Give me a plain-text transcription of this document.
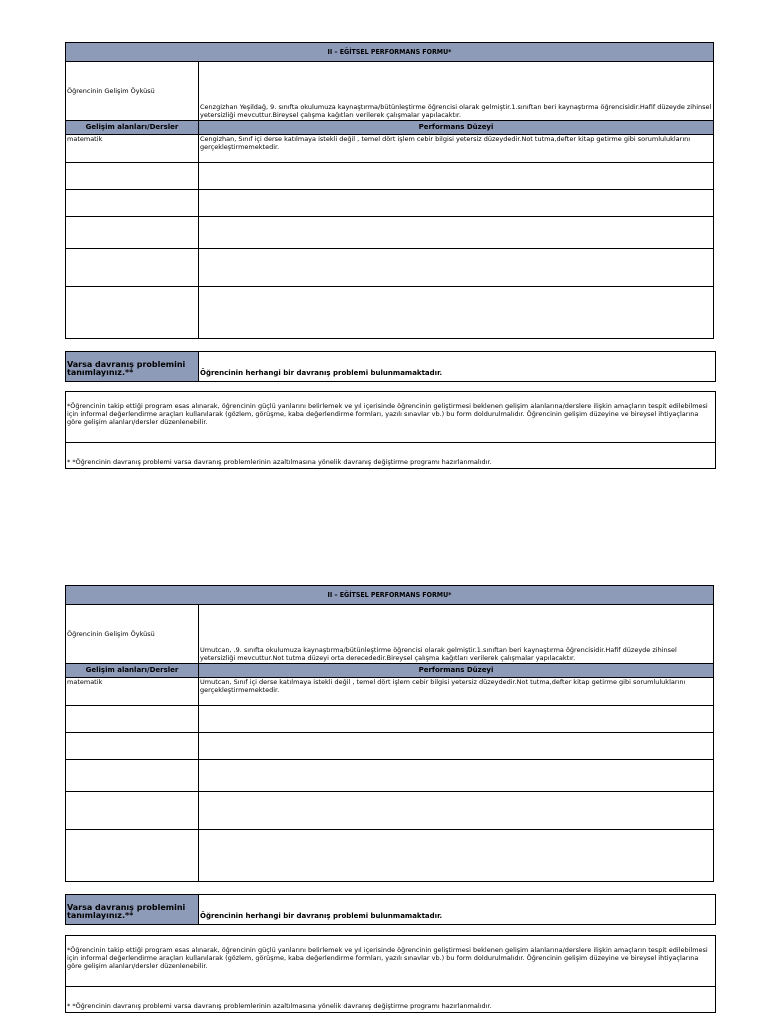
II – EĞİTSEL PERFORMANS FORMU*	
Öğrencinin Gelişim Öyküsü	Cenzgizhan Yeşildağ, 9. sınıfta okulumuza kaynaştırma/bütünleştirme öğrencisi olarak gelmiştir.1.sınıftan beri kaynaştırma öğrencisidir.Hafif düzeyde zihinsel yetersizliği mevcuttur.Bireysel çalışma kağıtları verilerek çalışmalar yapılacaktır.
Gelişim alanları/Dersler	Performans Düzeyi
matematik	Cengizhan, Sınıf içi derse katılmaya istekli değil , temel dört işlem cebir bilgisi yetersiz düzeydedir.Not tutma,defter kitap getirme gibi sorumluluklarını gerçekleştirmemektedir.

Varsa davranış problemini tanımlayınız.**	Öğrencinin herhangi bir davranış problemi bulunmamaktadır.
*Öğrencinin takip ettiği program esas alınarak, öğrencinin güçlü yanlarını belirlemek ve yıl içerisinde öğrencinin geliştirmesi beklenen gelişim alanlarına/derslere ilişkin amaçların tespit edilebilmesi için informal değerlendirme araçları kullanılarak (gözlem, görüşme, kaba değerlendirme formları, yazılı sınavlar vb.) bu form doldurulmalıdır. Öğrencinin gelişim düzeyine ve bireysel ihtiyaçlarına göre gelişim alanları/dersler düzenlenebilir.
* *Öğrencinin davranış problemi varsa davranış problemlerinin azaltılmasına yönelik davranış değiştirme programı hazırlanmalıdır.
II – EĞİTSEL PERFORMANS FORMU*	
Öğrencinin Gelişim Öyküsü	Umutcan, .9. sınıfta okulumuza kaynaştırma/bütünleştirme öğrencisi olarak gelmiştir.1.sınıftan beri kaynaştırma öğrencisidir.Hafif düzeyde zihinsel yetersizliği mevcuttur.Not tutma düzeyi orta derecededir.Bireysel çalışma kağıtları verilerek çalışmalar yapılacaktır.
Gelişim alanları/Dersler	Performans Düzeyi
matematik	Umutcan, Sınıf içi derse katılmaya istekli değil , temel dört işlem cebir bilgisi yetersiz düzeydedir.Not tutma,defter kitap getirme gibi sorumluluklarını gerçekleştirmemektedir.

Varsa davranış problemini tanımlayınız.**	Öğrencinin herhangi bir davranış problemi bulunmamaktadır.
*Öğrencinin takip ettiği program esas alınarak, öğrencinin güçlü yanlarını belirlemek ve yıl içerisinde öğrencinin geliştirmesi beklenen gelişim alanlarına/derslere ilişkin amaçların tespit edilebilmesi için informal değerlendirme araçları kullanılarak (gözlem, görüşme, kaba değerlendirme formları, yazılı sınavlar vb.) bu form doldurulmalıdır. Öğrencinin gelişim düzeyine ve bireysel ihtiyaçlarına göre gelişim alanları/dersler düzenlenebilir.
* *Öğrencinin davranış problemi varsa davranış problemlerinin azaltılmasına yönelik davranış değiştirme programı hazırlanmalıdır.
